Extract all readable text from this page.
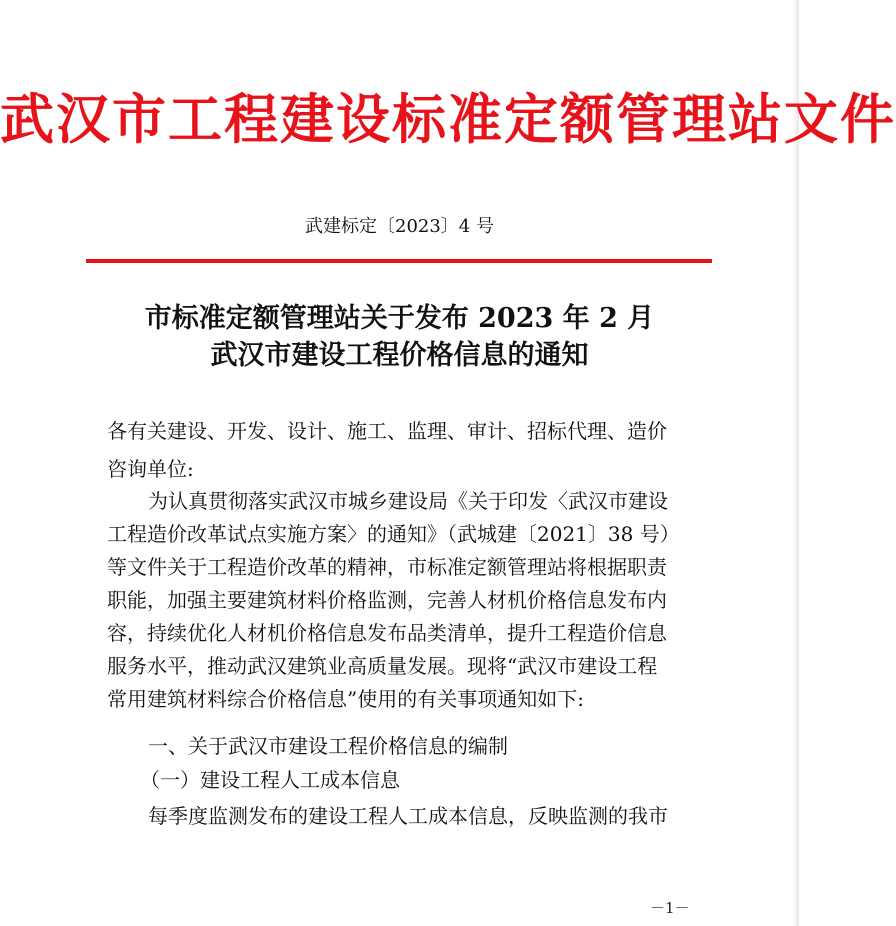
武汉市工程建设标准定额管理站文件
武建标定〔2023〕4 号
市标准定额管理站关于发布 2023 年 2 月
武汉市建设工程价格信息的通知
各有关建设、开发、设计、施工、监理、审计、招标代理、造价
咨询单位:
为认真贯彻落实武汉市城乡建设局《关于印发〈武汉市建设
工程造价改革试点实施方案〉的通知》（武城建〔2021〕38 号）
等文件关于工程造价改革的精神，市标准定额管理站将根据职责
职能，加强主要建筑材料价格监测，完善人材机价格信息发布内
容，持续优化人材机价格信息发布品类清单，提升工程造价信息
服务水平，推动武汉建筑业高质量发展。现将“武汉市建设工程
常用建筑材料综合价格信息”使用的有关事项通知如下:
一、关于武汉市建设工程价格信息的编制
（一）建设工程人工成本信息
每季度监测发布的建设工程人工成本信息，反映监测的我市
－1－
